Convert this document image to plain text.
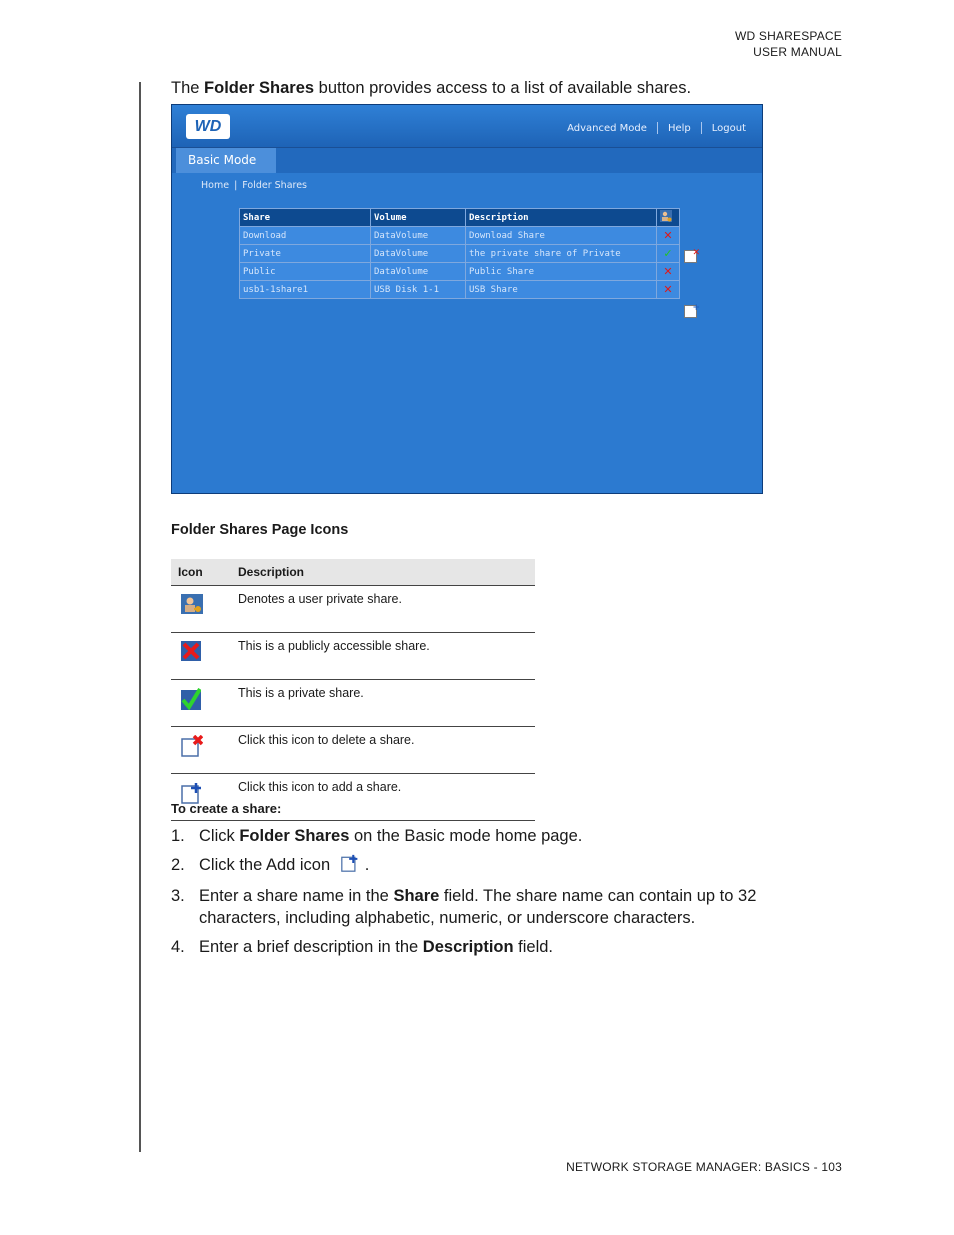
WD SHARESPACE
USER MANUAL
The Folder Shares button provides access to a list of available shares.
WD	Advanced Mode Help Logout
Basic Mode
Home | Folder Shares
Share	Volume	Description	
Download	DataVolume	Download Share	✕
Private	DataVolume	the private share of Private	✓
Public	DataVolume	Public Share	✕
usb1-1share1	USB Disk 1-1	USB Share	✕
✕
+
Folder Shares Page Icons
Icon	Description
	Denotes a user private share.
	This is a publicly accessible share.
	This is a private share.
	Click this icon to delete a share.
	Click this icon to add a share.
To create a share:
1. Click Folder Shares on the Basic mode home page.
2. Click the Add icon .
3. Enter a share name in the Share field. The share name can contain up to 32 characters, including alphabetic, numeric, or underscore characters.
4. Enter a brief description in the Description field.
NETWORK STORAGE MANAGER: BASICS - 103
